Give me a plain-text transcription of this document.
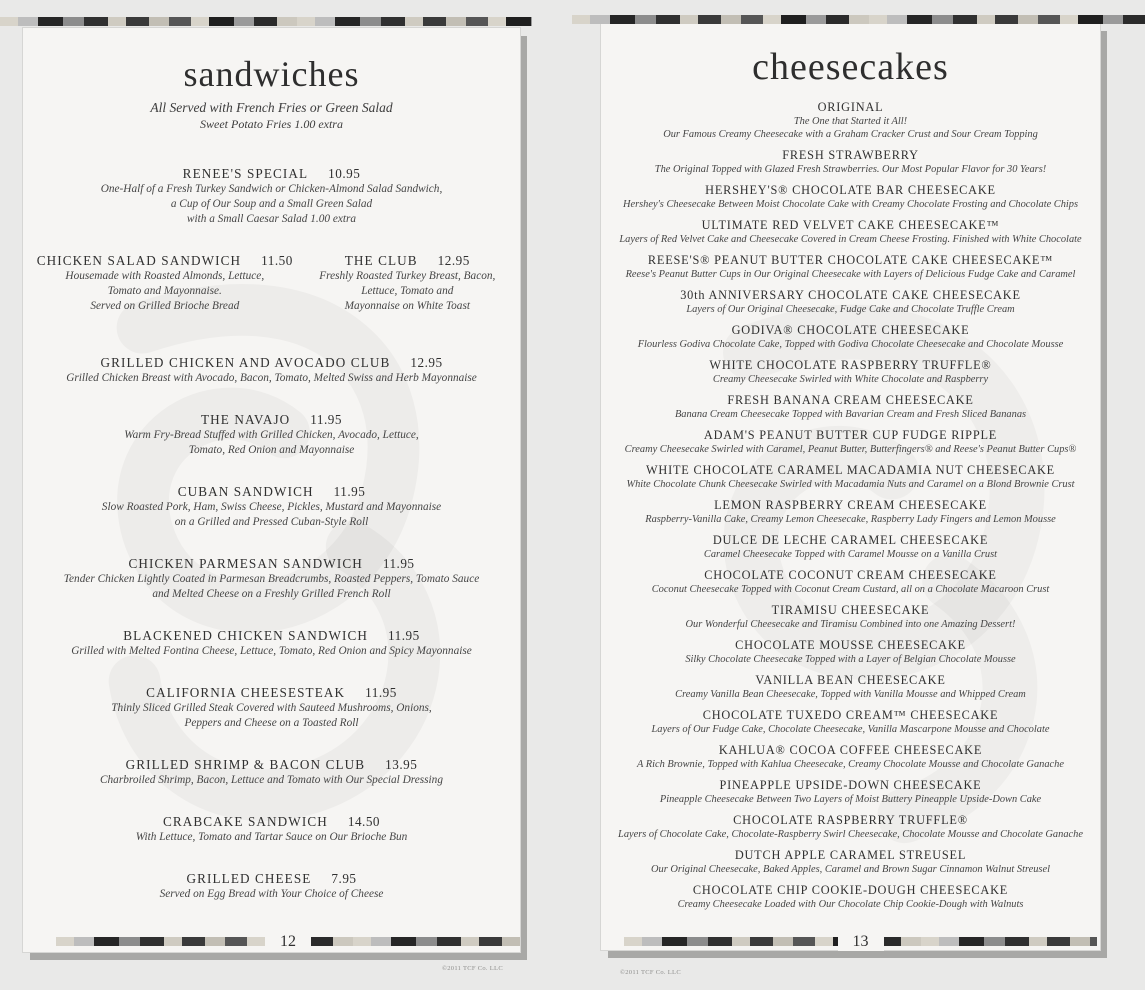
sandwiches
All Served with French Fries or Green Salad
Sweet Potato Fries 1.00 extra
RENEE'S SPECIAL 10.95
One-Half of a Fresh Turkey Sandwich or Chicken-Almond Salad Sandwich,
a Cup of Our Soup and a Small Green Salad
with a Small Caesar Salad 1.00 extra
CHICKEN SALAD SANDWICH 11.50
Housemade with Roasted Almonds, Lettuce,
Tomato and Mayonnaise.
Served on Grilled Brioche Bread
THE CLUB 12.95
Freshly Roasted Turkey Breast, Bacon,
Lettuce, Tomato and
Mayonnaise on White Toast
GRILLED CHICKEN AND AVOCADO CLUB 12.95
Grilled Chicken Breast with Avocado, Bacon, Tomato, Melted Swiss and Herb Mayonnaise
THE NAVAJO 11.95
Warm Fry-Bread Stuffed with Grilled Chicken, Avocado, Lettuce,
Tomato, Red Onion and Mayonnaise
CUBAN SANDWICH 11.95
Slow Roasted Pork, Ham, Swiss Cheese, Pickles, Mustard and Mayonnaise
on a Grilled and Pressed Cuban-Style Roll
CHICKEN PARMESAN SANDWICH 11.95
Tender Chicken Lightly Coated in Parmesan Breadcrumbs, Roasted Peppers, Tomato Sauce
and Melted Cheese on a Freshly Grilled French Roll
BLACKENED CHICKEN SANDWICH 11.95
Grilled with Melted Fontina Cheese, Lettuce, Tomato, Red Onion and Spicy Mayonnaise
CALIFORNIA CHEESESTEAK 11.95
Thinly Sliced Grilled Steak Covered with Sauteed Mushrooms, Onions,
Peppers and Cheese on a Toasted Roll
GRILLED SHRIMP & BACON CLUB 13.95
Charbroiled Shrimp, Bacon, Lettuce and Tomato with Our Special Dressing
CRABCAKE SANDWICH 14.50
With Lettuce, Tomato and Tartar Sauce on Our Brioche Bun
GRILLED CHEESE 7.95
Served on Egg Bread with Your Choice of Cheese
12
cheesecakes
ORIGINAL
The One that Started it All!
Our Famous Creamy Cheesecake with a Graham Cracker Crust and Sour Cream Topping
FRESH STRAWBERRY
The Original Topped with Glazed Fresh Strawberries. Our Most Popular Flavor for 30 Years!
HERSHEY'S® CHOCOLATE BAR CHEESECAKE
Hershey's Cheesecake Between Moist Chocolate Cake with Creamy Chocolate Frosting and Chocolate Chips
ULTIMATE RED VELVET CAKE CHEESECAKE™
Layers of Red Velvet Cake and Cheesecake Covered in Cream Cheese Frosting. Finished with White Chocolate
REESE'S® PEANUT BUTTER CHOCOLATE CAKE CHEESECAKE™
Reese's Peanut Butter Cups in Our Original Cheesecake with Layers of Delicious Fudge Cake and Caramel
30th ANNIVERSARY CHOCOLATE CAKE CHEESECAKE
Layers of Our Original Cheesecake, Fudge Cake and Chocolate Truffle Cream
GODIVA® CHOCOLATE CHEESECAKE
Flourless Godiva Chocolate Cake, Topped with Godiva Chocolate Cheesecake and Chocolate Mousse
WHITE CHOCOLATE RASPBERRY TRUFFLE®
Creamy Cheesecake Swirled with White Chocolate and Raspberry
FRESH BANANA CREAM CHEESECAKE
Banana Cream Cheesecake Topped with Bavarian Cream and Fresh Sliced Bananas
ADAM'S PEANUT BUTTER CUP FUDGE RIPPLE
Creamy Cheesecake Swirled with Caramel, Peanut Butter, Butterfingers® and Reese's Peanut Butter Cups®
WHITE CHOCOLATE CARAMEL MACADAMIA NUT CHEESECAKE
White Chocolate Chunk Cheesecake Swirled with Macadamia Nuts and Caramel on a Blond Brownie Crust
LEMON RASPBERRY CREAM CHEESECAKE
Raspberry-Vanilla Cake, Creamy Lemon Cheesecake, Raspberry Lady Fingers and Lemon Mousse
DULCE DE LECHE CARAMEL CHEESECAKE
Caramel Cheesecake Topped with Caramel Mousse on a Vanilla Crust
CHOCOLATE COCONUT CREAM CHEESECAKE
Coconut Cheesecake Topped with Coconut Cream Custard, all on a Chocolate Macaroon Crust
TIRAMISU CHEESECAKE
Our Wonderful Cheesecake and Tiramisu Combined into one Amazing Dessert!
CHOCOLATE MOUSSE CHEESECAKE
Silky Chocolate Cheesecake Topped with a Layer of Belgian Chocolate Mousse
VANILLA BEAN CHEESECAKE
Creamy Vanilla Bean Cheesecake, Topped with Vanilla Mousse and Whipped Cream
CHOCOLATE TUXEDO CREAM™ CHEESECAKE
Layers of Our Fudge Cake, Chocolate Cheesecake, Vanilla Mascarpone Mousse and Chocolate
KAHLUA® COCOA COFFEE CHEESECAKE
A Rich Brownie, Topped with Kahlua Cheesecake, Creamy Chocolate Mousse and Chocolate Ganache
PINEAPPLE UPSIDE-DOWN CHEESECAKE
Pineapple Cheesecake Between Two Layers of Moist Buttery Pineapple Upside-Down Cake
CHOCOLATE RASPBERRY TRUFFLE®
Layers of Chocolate Cake, Chocolate-Raspberry Swirl Cheesecake, Chocolate Mousse and Chocolate Ganache
DUTCH APPLE CARAMEL STREUSEL
Our Original Cheesecake, Baked Apples, Caramel and Brown Sugar Cinnamon Walnut Streusel
CHOCOLATE CHIP COOKIE-DOUGH CHEESECAKE
Creamy Cheesecake Loaded with Our Chocolate Chip Cookie-Dough with Walnuts
13
©2011 TCF Co. LLC
©2011 TCF Co. LLC
